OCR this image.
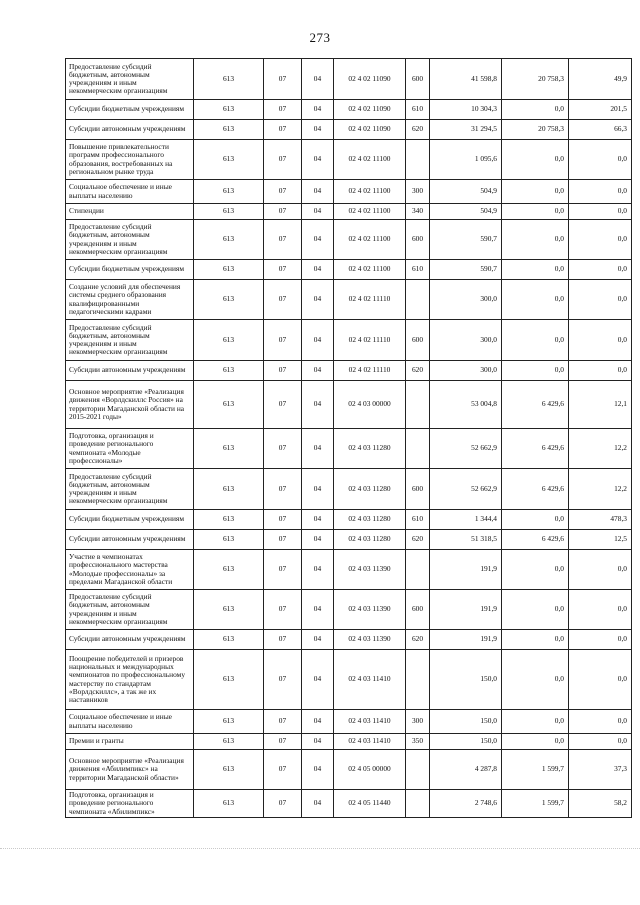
273
Предоставление субсидий бюджетным, автономным учреждениям и иным некоммерческим организациям	613	07	04	02 4 02 11090	600	41 598,8	20 758,3	49,9
Субсидии бюджетным учреждениям	613	07	04	02 4 02 11090	610	10 304,3	0,0	201,5
Субсидии автономным учреждениям	613	07	04	02 4 02 11090	620	31 294,5	20 758,3	66,3
Повышение привлекательности программ профессионального образования, востребованных на региональном рынке труда	613	07	04	02 4 02 11100		1 095,6	0,0	0,0
Социальное обеспечение и иные выплаты населению	613	07	04	02 4 02 11100	300	504,9	0,0	0,0
Стипендии	613	07	04	02 4 02 11100	340	504,9	0,0	0,0
Предоставление субсидий бюджетным, автономным учреждениям и иным некоммерческим организациям	613	07	04	02 4 02 11100	600	590,7	0,0	0,0
Субсидии бюджетным учреждениям	613	07	04	02 4 02 11100	610	590,7	0,0	0,0
Создание условий для обеспечения системы среднего образования квалифицированными педагогическими кадрами	613	07	04	02 4 02 11110		300,0	0,0	0,0
Предоставление субсидий бюджетным, автономным учреждениям и иным некоммерческим организациям	613	07	04	02 4 02 11110	600	300,0	0,0	0,0
Субсидии автономным учреждениям	613	07	04	02 4 02 11110	620	300,0	0,0	0,0
Основное мероприятие «Реализация движения «Ворлдскиллс Россия» на территории Магаданской области на 2015-2021 годы»	613	07	04	02 4 03 00000		53 004,8	6 429,6	12,1
Подготовка, организация и проведение регионального чемпионата «Молодые профессионалы»	613	07	04	02 4 03 11280		52 662,9	6 429,6	12,2
Предоставление субсидий бюджетным, автономным учреждениям и иным некоммерческим организациям	613	07	04	02 4 03 11280	600	52 662,9	6 429,6	12,2
Субсидии бюджетным учреждениям	613	07	04	02 4 03 11280	610	1 344,4	0,0	478,3
Субсидии автономным учреждениям	613	07	04	02 4 03 11280	620	51 318,5	6 429,6	12,5
Участие в чемпионатах профессионального мастерства «Молодые профессионалы» за пределами Магаданской области	613	07	04	02 4 03 11390		191,9	0,0	0,0
Предоставление субсидий бюджетным, автономным учреждениям и иным некоммерческим организациям	613	07	04	02 4 03 11390	600	191,9	0,0	0,0
Субсидии автономным учреждениям	613	07	04	02 4 03 11390	620	191,9	0,0	0,0
Поощрение победителей и призеров национальных и международных чемпионатов по профессиональному мастерству по стандартам «Ворлдскиллс», а так же их наставников	613	07	04	02 4 03 11410		150,0	0,0	0,0
Социальное обеспечение и иные выплаты населению	613	07	04	02 4 03 11410	300	150,0	0,0	0,0
Премии и гранты	613	07	04	02 4 03 11410	350	150,0	0,0	0,0
Основное мероприятие «Реализация движения «Абилимпикс» на территории Магаданской области»	613	07	04	02 4 05 00000		4 287,8	1 599,7	37,3
Подготовка, организация и проведение регионального чемпионата «Абилимпикс»	613	07	04	02 4 05 11440		2 748,6	1 599,7	58,2
